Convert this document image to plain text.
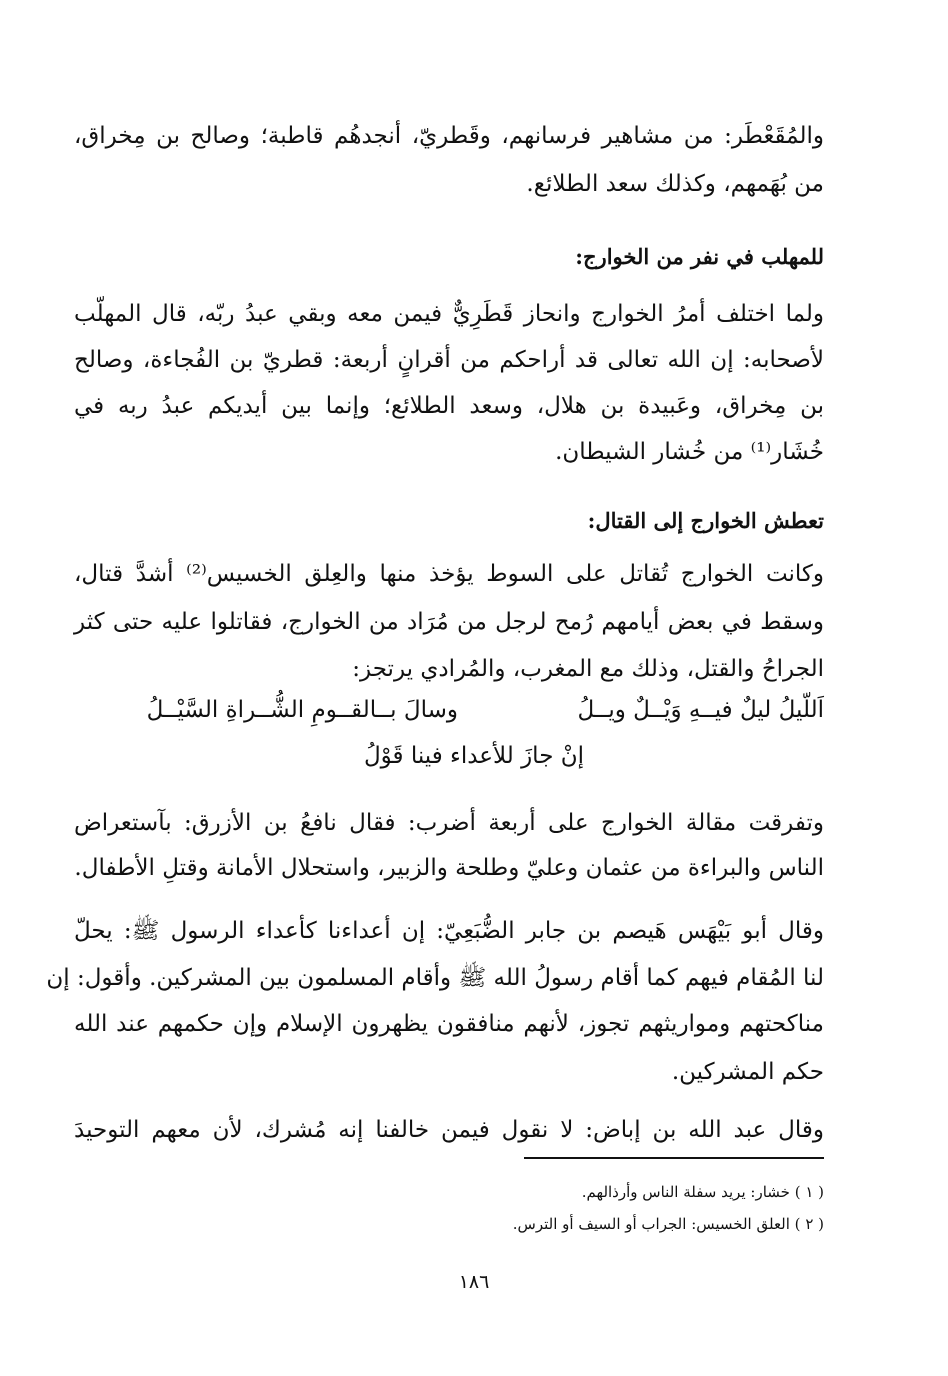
والمُقَعْطَر: من مشاهير فرسانهم، وقَطريّ، أنجدهُم قاطبة؛ وصالح بن مِخراق،
من بُهَمهم، وكذلك سعد الطلائع.
للمهلب في نفر من الخوارج:
ولما اختلف أمرُ الخوارج وانحاز قَطَرِيٌّ فيمن معه وبقي عبدُ ربّه، قال المهلّب
لأصحابه: إن الله تعالى قد أراحكم من أقرانٍ أربعة: قطريّ بن الفُجاءة، وصالح
بن مِخراق، وعَبيدة بن هلال، وسعد الطلائع؛ وإنما بين أيديكم عبدُ ربه في
خُشَار⁽¹⁾ من خُشار الشيطان.
تعطش الخوارج إلى القتال:
وكانت الخوارج تُقاتل على السوط يؤخذ منها والعِلق الخسيس⁽²⁾ أشدَّ قتال،
وسقط في بعض أيامهم رُمح لرجل من مُرَاد من الخوارج، فقاتلوا عليه حتى كثر
الجراحُ والقتل، وذلك مع المغرب، والمُرادي يرتجز:
اَللّيلُ ليلٌ فيــهِ وَيْــلٌ ويــلُ
وسالَ بــالقــومِ الشُّــراةِ السَّيْــلُ
إنْ جازَ للأعداء فينا قَوْلُ
وتفرقت مقالة الخوارج على أربعة أضرب: فقال نافعُ بن الأزرق: بآستعراض
الناس والبراءة من عثمان وعليّ وطلحة والزبير، واستحلال الأمانة وقتلِ الأطفال.
وقال أبو بَيْهَس هَيصم بن جابر الضُّبَعِيّ: إن أعداءنا كأعداء الرسول ﷺ: يحلّ
لنا المُقام فيهم كما أقام رسولُ الله ﷺ وأقام المسلمون بين المشركين. وأقول: إن
مناكحتهم ومواريثهم تجوز، لأنهم منافقون يظهرون الإسلام وإن حكمهم عند الله
حكم المشركين.
وقال عبد الله بن إباض: لا نقول فيمن خالفنا إنه مُشرك، لأن معهم التوحيدَ
( ١ ) خشار: يريد سفلة الناس وأرذالهم.
( ٢ ) العلق الخسيس: الجراب أو السيف أو الترس.
١٨٦
